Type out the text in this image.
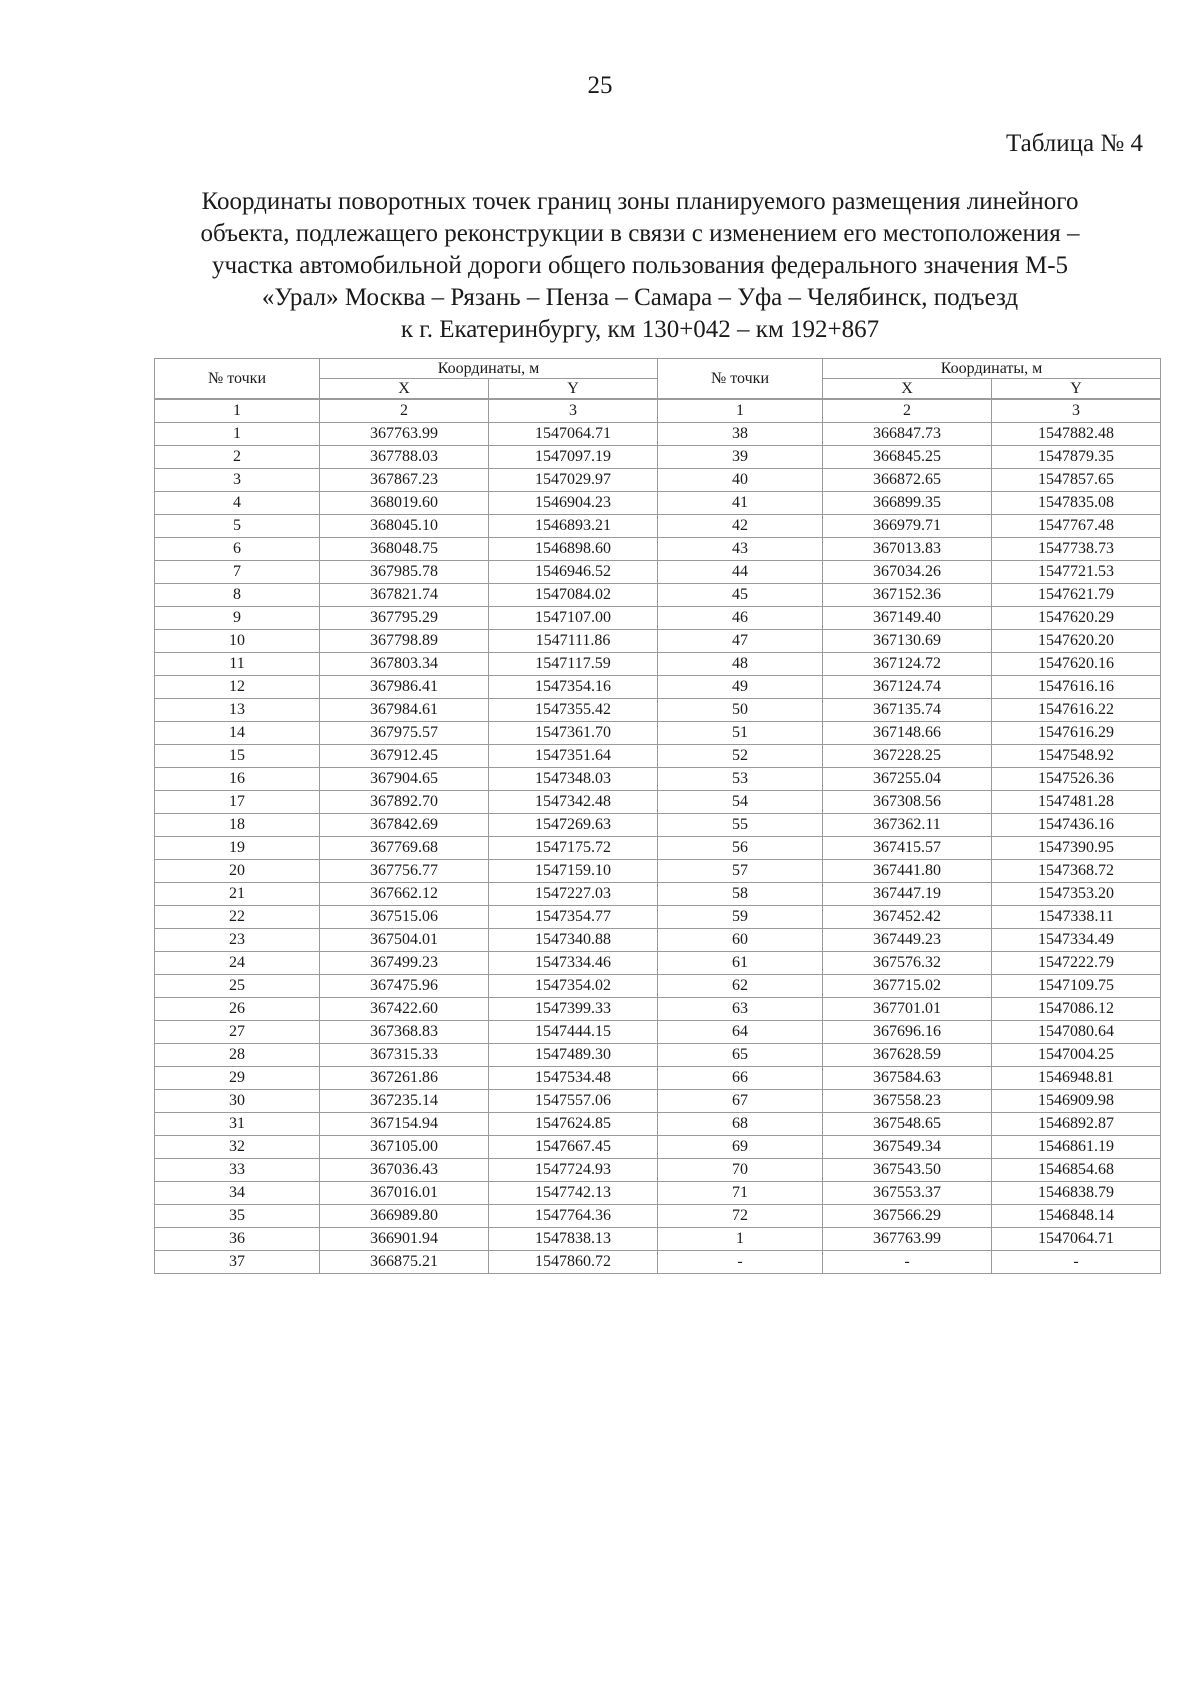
25
Таблица № 4
Координаты поворотных точек границ зоны планируемого размещения линейного
объекта, подлежащего реконструкции в связи с изменением его местоположения –
участка автомобильной дороги общего пользования федерального значения М-5
«Урал» Москва – Рязань – Пенза – Самара – Уфа – Челябинск, подъезд
к г. Екатеринбургу, км 130+042 – км 192+867
№ точки	Координаты, м		№ точки	Координаты, м	
	X	Y		X	Y
1	2	3	1	2	3
1	367763.99	1547064.71	38	366847.73	1547882.48
2	367788.03	1547097.19	39	366845.25	1547879.35
3	367867.23	1547029.97	40	366872.65	1547857.65
4	368019.60	1546904.23	41	366899.35	1547835.08
5	368045.10	1546893.21	42	366979.71	1547767.48
6	368048.75	1546898.60	43	367013.83	1547738.73
7	367985.78	1546946.52	44	367034.26	1547721.53
8	367821.74	1547084.02	45	367152.36	1547621.79
9	367795.29	1547107.00	46	367149.40	1547620.29
10	367798.89	1547111.86	47	367130.69	1547620.20
11	367803.34	1547117.59	48	367124.72	1547620.16
12	367986.41	1547354.16	49	367124.74	1547616.16
13	367984.61	1547355.42	50	367135.74	1547616.22
14	367975.57	1547361.70	51	367148.66	1547616.29
15	367912.45	1547351.64	52	367228.25	1547548.92
16	367904.65	1547348.03	53	367255.04	1547526.36
17	367892.70	1547342.48	54	367308.56	1547481.28
18	367842.69	1547269.63	55	367362.11	1547436.16
19	367769.68	1547175.72	56	367415.57	1547390.95
20	367756.77	1547159.10	57	367441.80	1547368.72
21	367662.12	1547227.03	58	367447.19	1547353.20
22	367515.06	1547354.77	59	367452.42	1547338.11
23	367504.01	1547340.88	60	367449.23	1547334.49
24	367499.23	1547334.46	61	367576.32	1547222.79
25	367475.96	1547354.02	62	367715.02	1547109.75
26	367422.60	1547399.33	63	367701.01	1547086.12
27	367368.83	1547444.15	64	367696.16	1547080.64
28	367315.33	1547489.30	65	367628.59	1547004.25
29	367261.86	1547534.48	66	367584.63	1546948.81
30	367235.14	1547557.06	67	367558.23	1546909.98
31	367154.94	1547624.85	68	367548.65	1546892.87
32	367105.00	1547667.45	69	367549.34	1546861.19
33	367036.43	1547724.93	70	367543.50	1546854.68
34	367016.01	1547742.13	71	367553.37	1546838.79
35	366989.80	1547764.36	72	367566.29	1546848.14
36	366901.94	1547838.13	1	367763.99	1547064.71
37	366875.21	1547860.72	-	-	-
